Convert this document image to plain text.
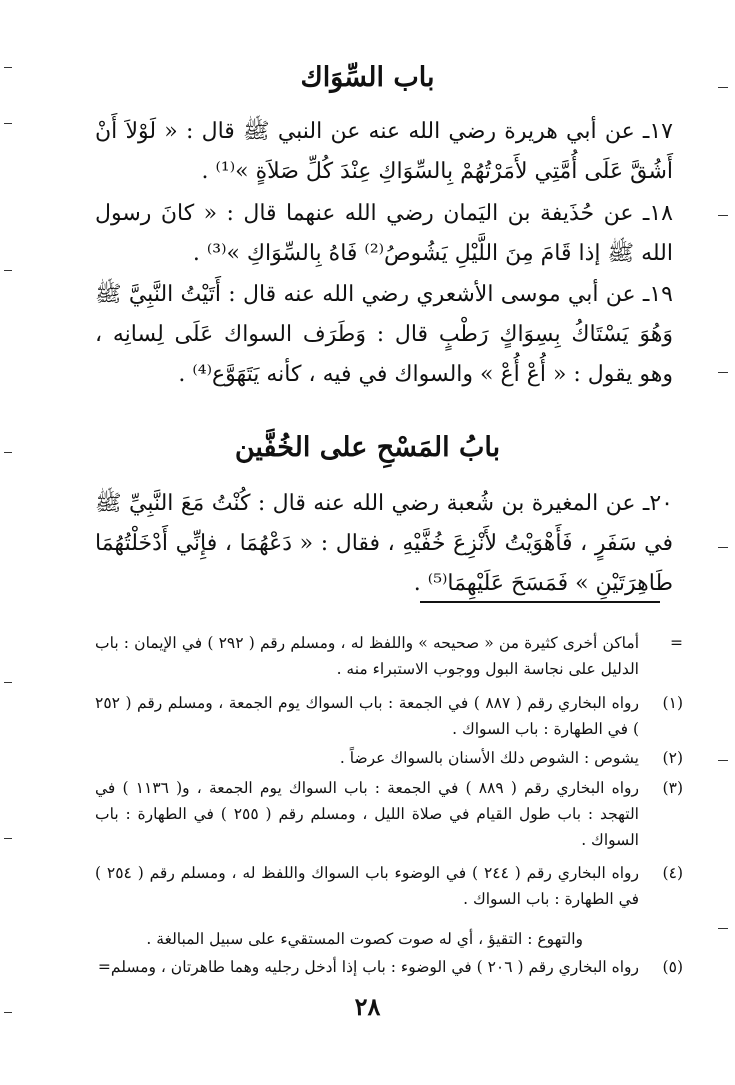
باب السِّوَاك
١٧ـ عن أبي هريرة رضي الله عنه عن النبي ﷺ قال : « لَوْلاَ أَنْ أَشُقَّ عَلَى أُمَّتِي لأَمَرْتُهُمْ بِالسِّوَاكِ عِنْدَ كُلِّ صَلاَةٍ »⁽¹⁾ .
١٨ـ عن حُذَيفة بن اليَمان رضي الله عنهما قال : « كانَ رسول الله ﷺ إذا قَامَ مِنَ اللَّيْلِ يَشُوصُ⁽²⁾ فَاهُ بِالسِّوَاكِ »⁽³⁾ .
١٩ـ عن أبي موسى الأشعري رضي الله عنه قال : أَتَيْتُ النَّبِيَّ ﷺ وَهُوَ يَسْتَاكُ بِسِوَاكٍ رَطْبٍ قال : وَطَرَف السواك عَلَى لِسانِه ، وهو يقول : « أُعْ أُعْ » والسواك في فيه ، كأنه يَتَهَوَّع⁽⁴⁾ .
بابُ المَسْحِ على الخُفَّين
٢٠ـ عن المغيرة بن شُعبة رضي الله عنه قال : كُنْتُ مَعَ النَّبِيِّ ﷺ في سَفَرٍ ، فَأَهْوَيْتُ لأَنْزِعَ خُفَّيْهِ ، فقال : « دَعْهُمَا ، فإِنِّي أَدْخَلْتُهُمَا طَاهِرَتَيْنِ » فَمَسَحَ عَلَيْهِمَا⁽⁵⁾ .
=
أماكن أخرى كثيرة من « صحيحه » واللفظ له ، ومسلم رقم ( ٢٩٢ ) في الإيمان : باب الدليل على نجاسة البول ووجوب الاستبراء منه .
(١)
رواه البخاري رقم ( ٨٨٧ ) في الجمعة : باب السواك يوم الجمعة ، ومسلم رقم ( ٢٥٢ ) في الطهارة : باب السواك .
(٢)
يشوص : الشوص دلك الأسنان بالسواك عرضاً .
(٣)
رواه البخاري رقم ( ٨٨٩ ) في الجمعة : باب السواك يوم الجمعة ، و( ١١٣٦ ) في التهجد : باب طول القيام في صلاة الليل ، ومسلم رقم ( ٢٥٥ ) في الطهارة : باب السواك .
(٤)
رواه البخاري رقم ( ٢٤٤ ) في الوضوء باب السواك واللفظ له ، ومسلم رقم ( ٢٥٤ ) في الطهارة : باب السواك .
والتهوع : التقيؤ ، أي له صوت كصوت المستقيء على سبيل المبالغة .
(٥)
رواه البخاري رقم ( ٢٠٦ ) في الوضوء : باب إذا أدخل رجليه وهما طاهرتان ، ومسلم=
٢٨
